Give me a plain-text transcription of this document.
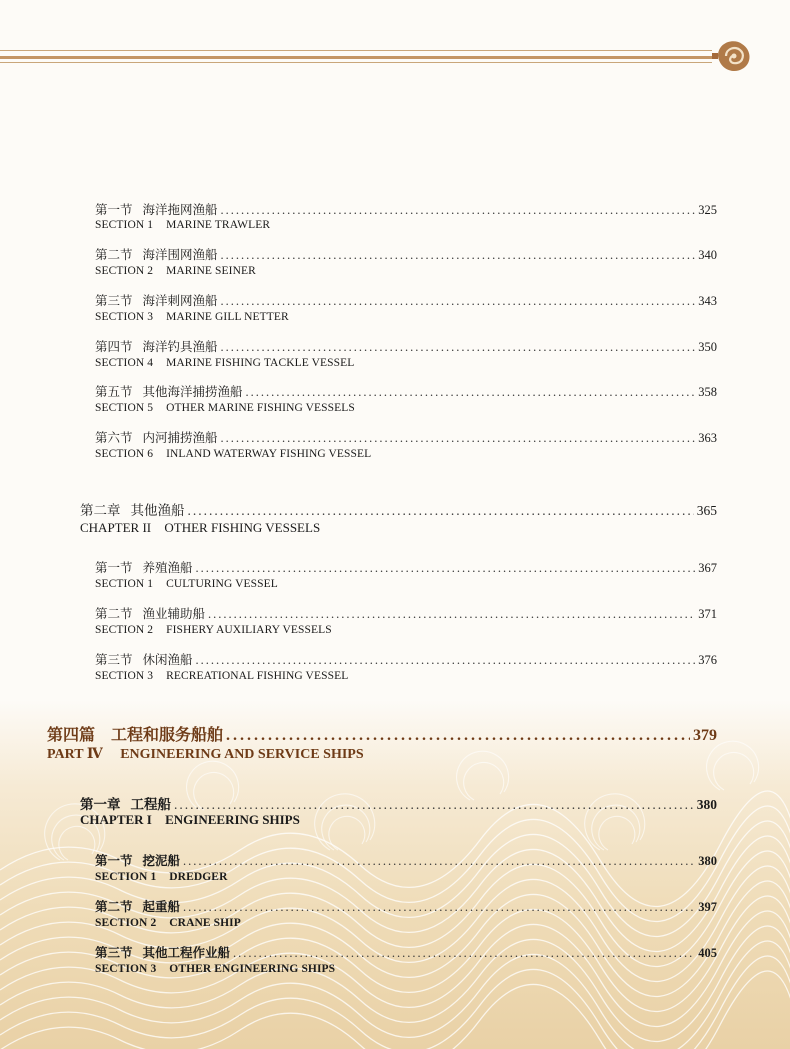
第一节 海洋拖网渔船 .....	325
SECTION 1 MARINE TRAWLER
第二节 海洋围网渔船 .....	340
SECTION 2 MARINE SEINER
第三节 海洋刺网渔船 .....	343
SECTION 3 MARINE GILL NETTER
第四节 海洋钓具渔船 .....	350
SECTION 4 MARINE FISHING TACKLE VESSEL
第五节 其他海洋捕捞渔船 .....	358
SECTION 5 OTHER MARINE FISHING VESSELS
第六节 内河捕捞渔船 .....	363
SECTION 6 INLAND WATERWAY FISHING VESSEL
第二章 其他渔船 .....	365
CHAPTER II OTHER FISHING VESSELS
第一节 养殖渔船 .....	367
SECTION 1 CULTURING VESSEL
第二节 渔业辅助船 .....	371
SECTION 2 FISHERY AUXILIARY VESSELS
第三节 休闲渔船 .....	376
SECTION 3 RECREATIONAL FISHING VESSEL
第四篇 工程和服务船舶 .....	379
PART Ⅳ ENGINEERING AND SERVICE SHIPS
第一章 工程船 .....	380
CHAPTER I ENGINEERING SHIPS
第一节 挖泥船 .....	380
SECTION 1 DREDGER
第二节 起重船 .....	397
SECTION 2 CRANE SHIP
第三节 其他工程作业船 .....	405
SECTION 3 OTHER ENGINEERING SHIPS
